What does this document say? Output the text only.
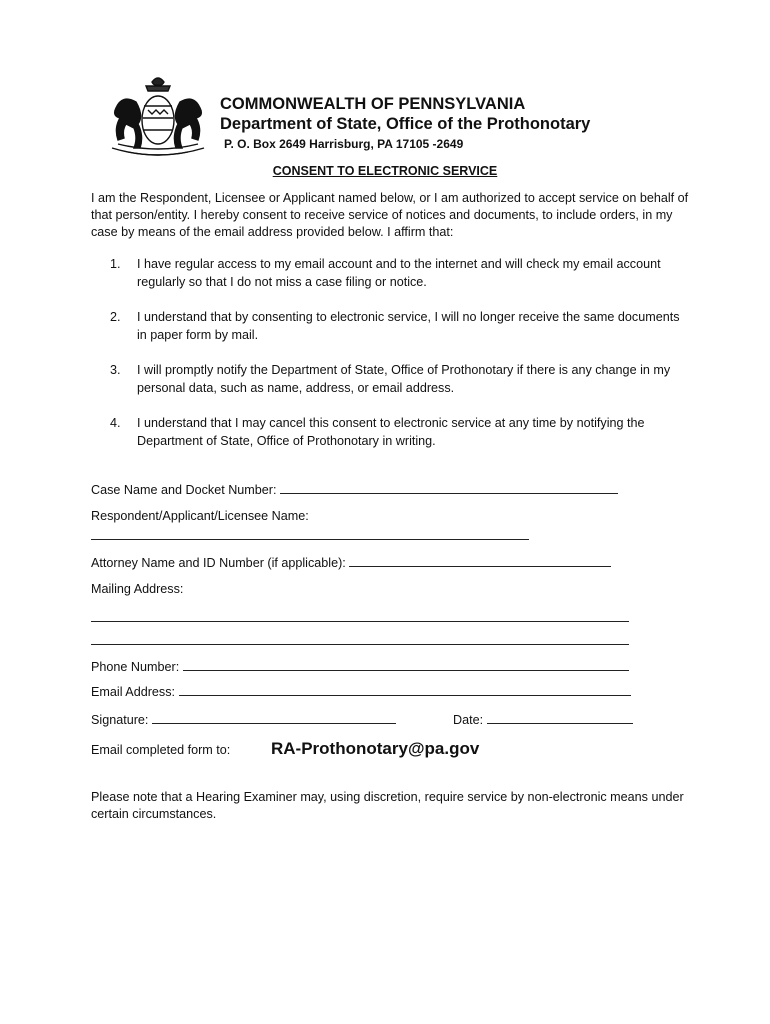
COMMONWEALTH OF PENNSYLVANIA
Department of State, Office of the Prothonotary
P. O. Box 2649 Harrisburg, PA 17105 -2649
CONSENT TO ELECTRONIC SERVICE
I am the Respondent, Licensee or Applicant named below, or I am authorized to accept service on behalf of that person/entity. I hereby consent to receive service of notices and documents, to include orders, in my case by means of the email address provided below. I affirm that:
1. I have regular access to my email account and to the internet and will check my email account regularly so that I do not miss a case filing or notice.
2. I understand that by consenting to electronic service, I will no longer receive the same documents in paper form by mail.
3. I will promptly notify the Department of State, Office of Prothonotary if there is any change in my personal data, such as name, address, or email address.
4. I understand that I may cancel this consent to electronic service at any time by notifying the Department of State, Office of Prothonotary in writing.
Case Name and Docket Number:
Respondent/Applicant/Licensee Name:
Attorney Name and ID Number (if applicable):
Mailing Address:
Phone Number:
Email Address:
Signature:	Date:
Email completed form to: RA-Prothonotary@pa.gov
Please note that a Hearing Examiner may, using discretion, require service by non-electronic means under certain circumstances.
